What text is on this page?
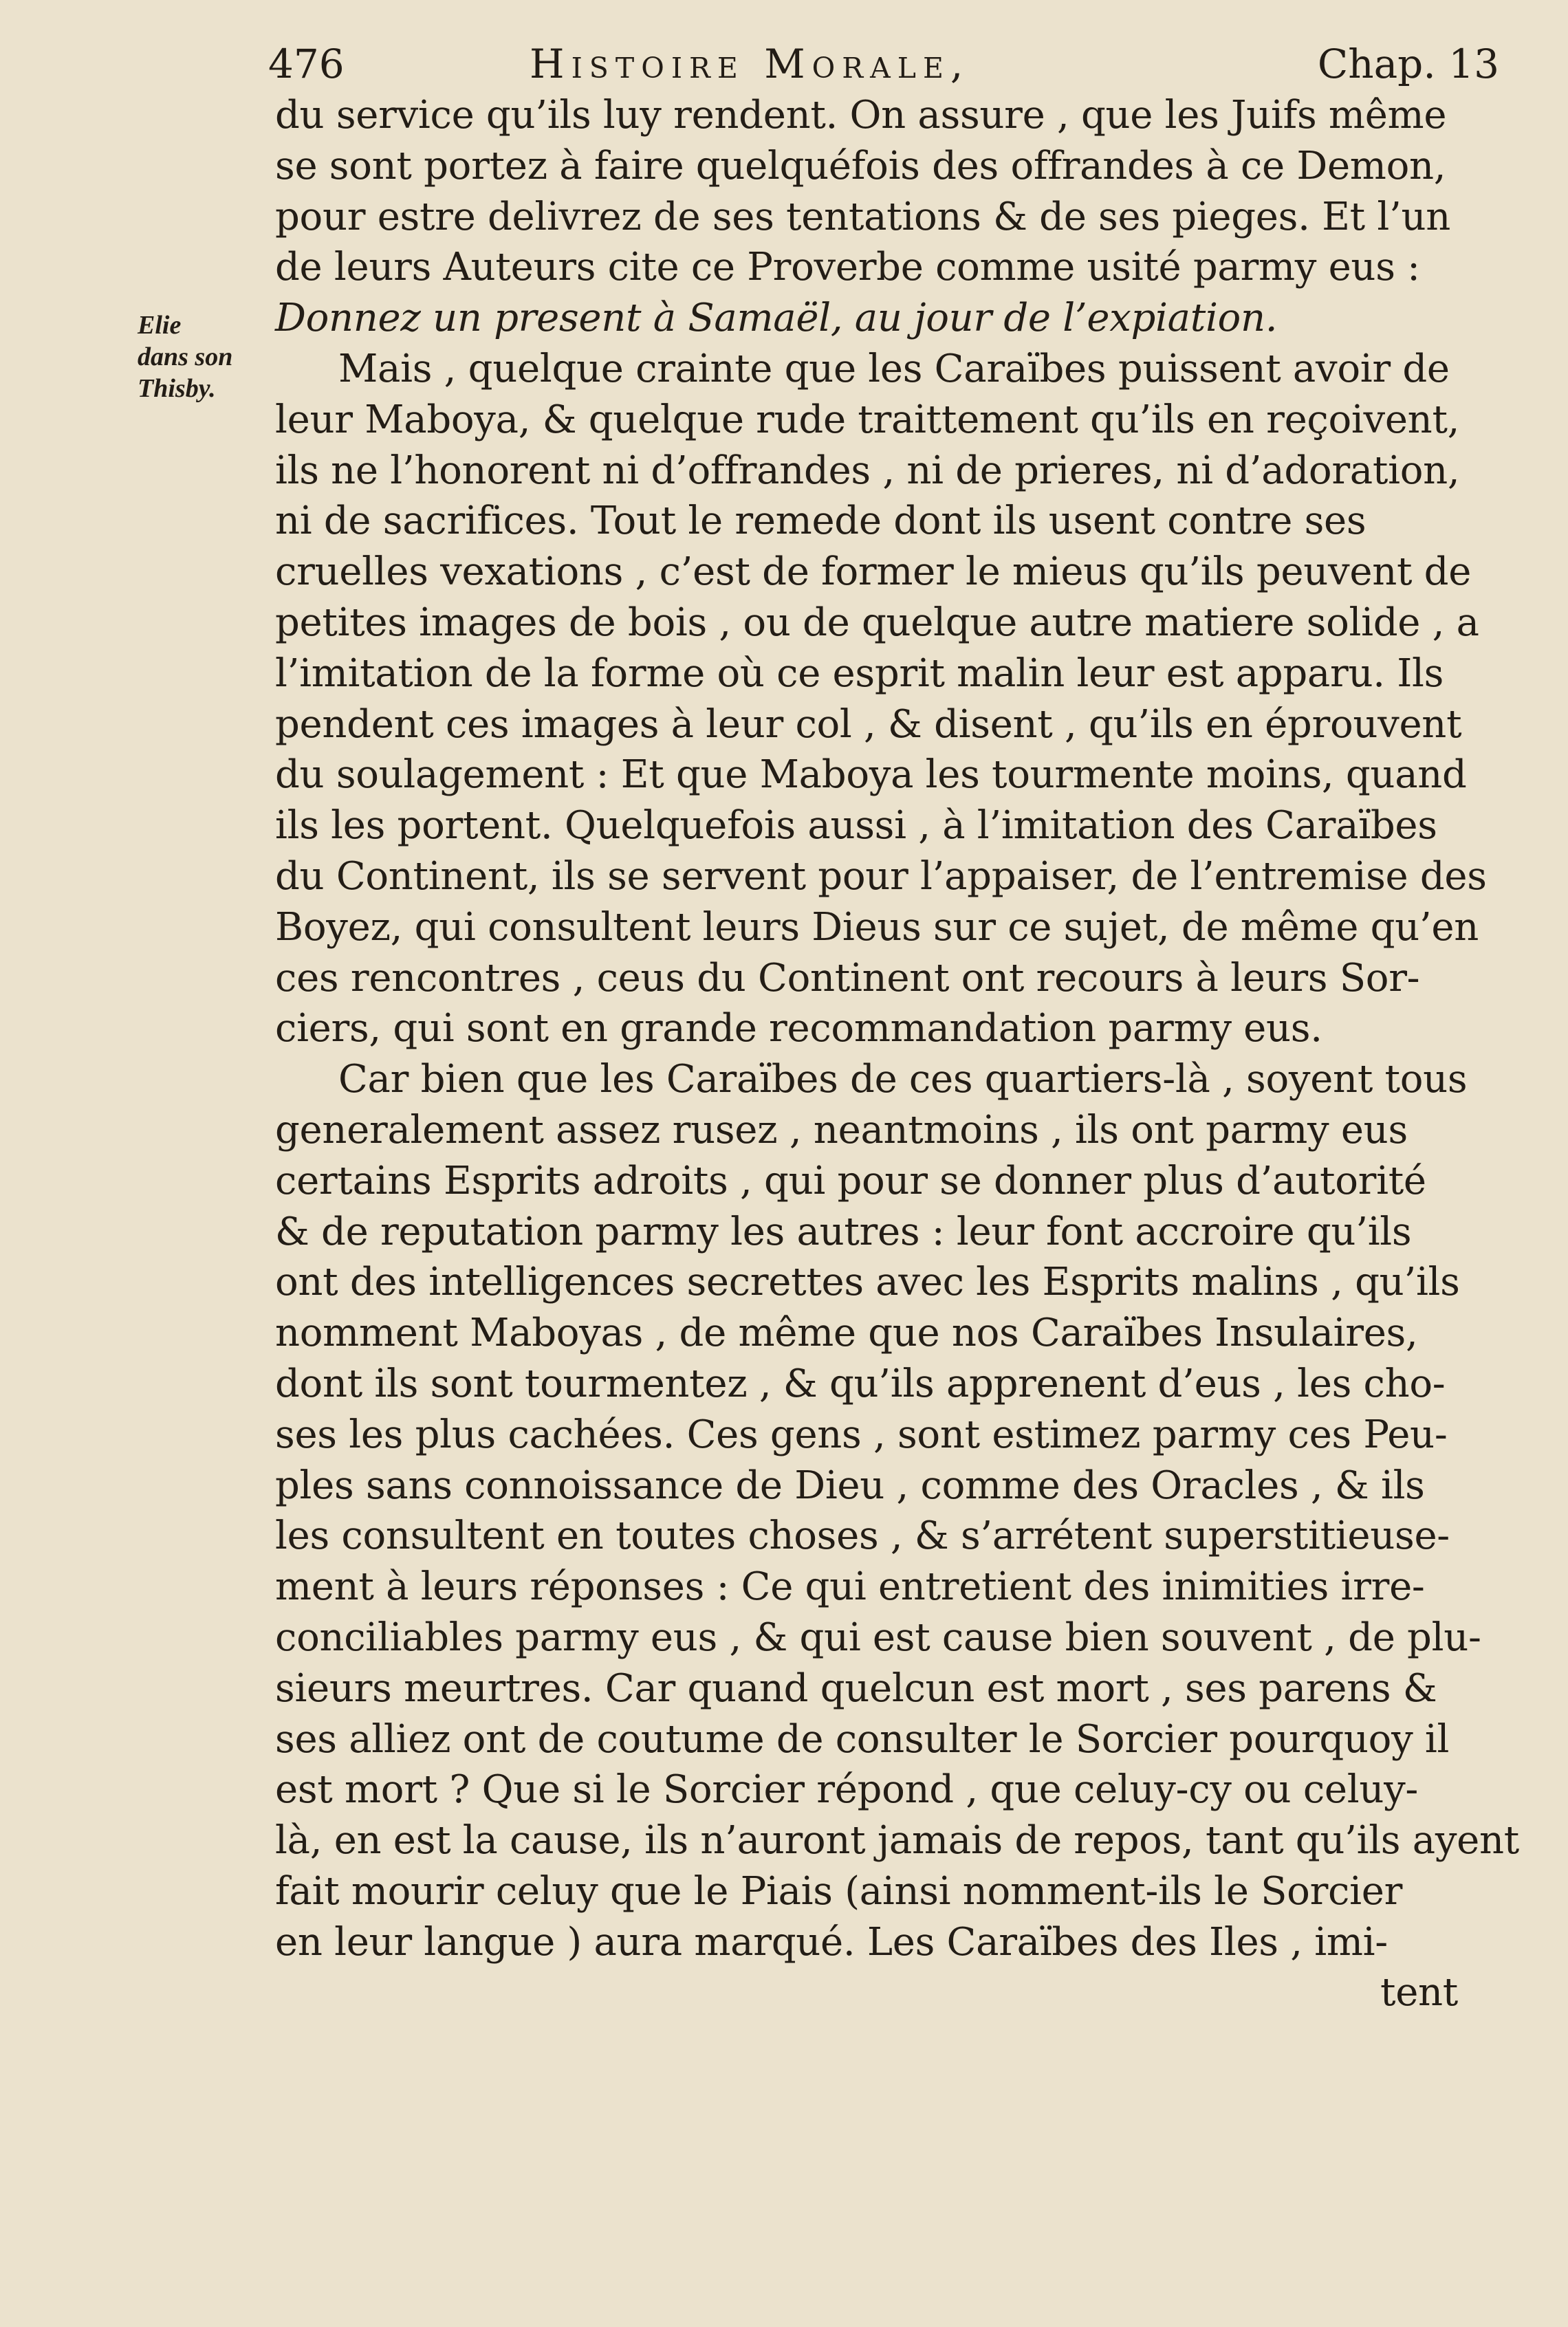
476	Histoire Morale,	Chap. 13
Elie
dans son
Thisby.
du service qu’ils luy rendent. On assure , que les Juifs même
se sont portez à faire quelquéfois des offrandes à ce Demon,
pour estre delivrez de ses tentations & de ses pieges. Et l’un
de leurs Auteurs cite ce Proverbe comme usité parmy eus :
Donnez un present à Samaël, au jour de l’expiation.
Mais , quelque crainte que les Caraïbes puissent avoir de
leur Maboya, & quelque rude traittement qu’ils en reçoivent,
ils ne l’honorent ni d’offrandes , ni de prieres, ni d’adoration,
ni de sacrifices. Tout le remede dont ils usent contre ses
cruelles vexations , c’est de former le mieus qu’ils peuvent de
petites images de bois , ou de quelque autre matiere solide , a
l’imitation de la forme où ce esprit malin leur est apparu. Ils
pendent ces images à leur col , & disent , qu’ils en éprouvent
du soulagement : Et que Maboya les tourmente moins, quand
ils les portent. Quelquefois aussi , à l’imitation des Caraïbes
du Continent, ils se servent pour l’appaiser, de l’entremise des
Boyez, qui consultent leurs Dieus sur ce sujet, de même qu’en
ces rencontres , ceus du Continent ont recours à leurs Sor-
ciers, qui sont en grande recommandation parmy eus.
Car bien que les Caraïbes de ces quartiers-là , soyent tous
generalement assez rusez , neantmoins , ils ont parmy eus
certains Esprits adroits , qui pour se donner plus d’autorité
& de reputation parmy les autres : leur font accroire qu’ils
ont des intelligences secrettes avec les Esprits malins , qu’ils
nomment Maboyas , de même que nos Caraïbes Insulaires,
dont ils sont tourmentez , & qu’ils apprenent d’eus , les cho-
ses les plus cachées. Ces gens , sont estimez parmy ces Peu-
ples sans connoissance de Dieu , comme des Oracles , & ils
les consultent en toutes choses , & s’arrétent superstitieuse-
ment à leurs réponses : Ce qui entretient des inimities irre-
conciliables parmy eus , & qui est cause bien souvent , de plu-
sieurs meurtres. Car quand quelcun est mort , ses parens &
ses alliez ont de coutume de consulter le Sorcier pourquoy il
est mort ? Que si le Sorcier répond , que celuy-cy ou celuy-
là, en est la cause, ils n’auront jamais de repos, tant qu’ils ayent
fait mourir celuy que le Piais (ainsi nomment-ils le Sorcier
en leur langue ) aura marqué. Les Caraïbes des Iles , imi-
tent
